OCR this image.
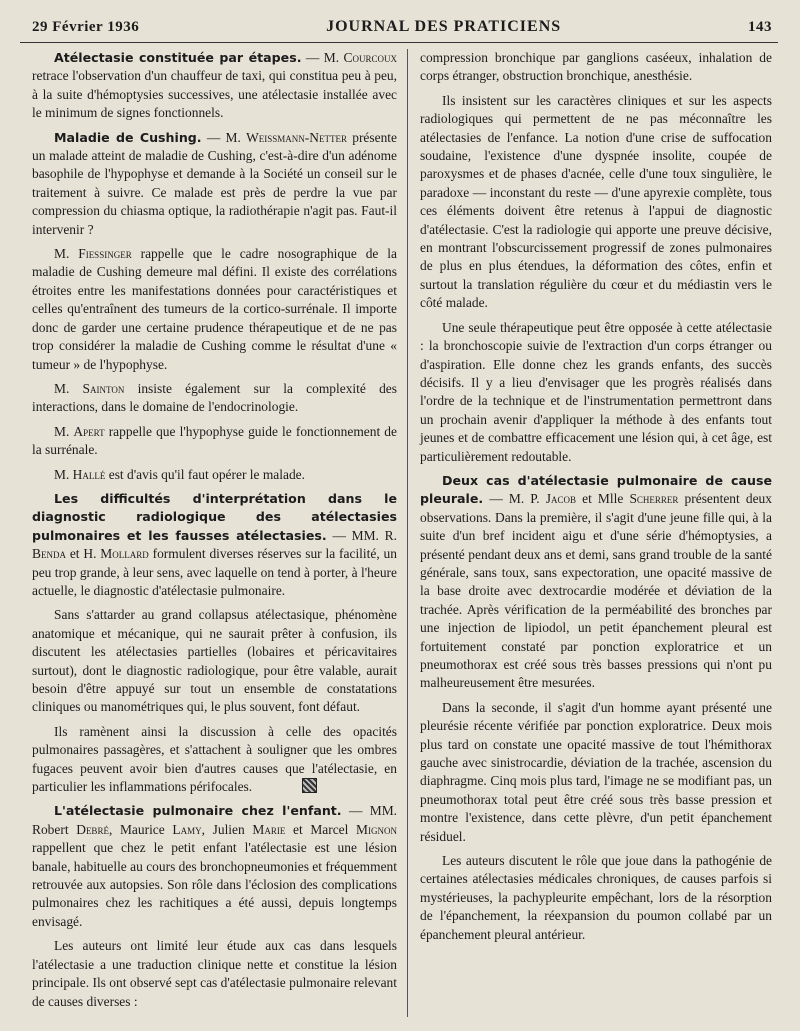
29 Février 1936	JOURNAL DES PRATICIENS	143

Atélectasie constituée par étapes. — M. Courcoux retrace l'observation d'un chauffeur de taxi, qui constitua peu à peu, à la suite d'hémoptysies successives, une atélectasie installée avec le minimum de signes fonctionnels.

Maladie de Cushing. — M. Weissmann-Netter présente un malade atteint de maladie de Cushing, c'est-à-dire d'un adénome basophile de l'hypophyse et demande à la Société un conseil sur le traitement à suivre. Ce malade est près de perdre la vue par compression du chiasma optique, la radiothérapie n'agit pas. Faut-il intervenir ?

M. Fiessinger rappelle que le cadre nosographique de la maladie de Cushing demeure mal défini. Il existe des corrélations étroites entre les manifestations données pour caractéristiques et celles qu'entraînent des tumeurs de la cortico-surrénale. Il importe donc de garder une certaine prudence thérapeutique et de ne pas trop considérer la maladie de Cushing comme le résultat d'une « tumeur » de l'hypophyse.

M. Sainton insiste également sur la complexité des interactions, dans le domaine de l'endocrinologie.

M. Apert rappelle que l'hypophyse guide le fonctionnement de la surrénale.

M. Hallé est d'avis qu'il faut opérer le malade.

Les difficultés d'interprétation dans le diagnostic radiologique des atélectasies pulmonaires et les fausses atélectasies. — MM. R. Benda et H. Mollard formulent diverses réserves sur la facilité, un peu trop grande, à leur sens, avec laquelle on tend à porter, à l'heure actuelle, le diagnostic d'atélectasie pulmonaire.

Sans s'attarder au grand collapsus atélectasique, phénomène anatomique et mécanique, qui ne saurait prêter à confusion, ils discutent les atélectasies partielles (lobaires et péricavitaires surtout), dont le diagnostic radiologique, pour être valable, aurait besoin d'être appuyé sur tout un ensemble de constatations cliniques ou manométriques qui, le plus souvent, font défaut.

Ils ramènent ainsi la discussion à celle des opacités pulmonaires passagères, et s'attachent à souligner que les ombres fugaces peuvent avoir bien d'autres causes que l'atélectasie, en particulier les inflammations périfocales.

L'atélectasie pulmonaire chez l'enfant. — MM. Robert Debré, Maurice Lamy, Julien Marie et Marcel Mignon rappellent que chez le petit enfant l'atélectasie est une lésion banale, habituelle au cours des bronchopneumonies et fréquemment retrouvée aux autopsies. Son rôle dans l'éclosion des complications pulmonaires chez les rachitiques a été aussi, depuis longtemps envisagé.

Les auteurs ont limité leur étude aux cas dans lesquels l'atélectasie a une traduction clinique nette et constitue la lésion principale. Ils ont observé sept cas d'atélectasie pulmonaire relevant de causes diverses :

compression bronchique par ganglions caséeux, inhalation de corps étranger, obstruction bronchique, anesthésie.

Ils insistent sur les caractères cliniques et sur les aspects radiologiques qui permettent de ne pas méconnaître les atélectasies de l'enfance. La notion d'une crise de suffocation soudaine, l'existence d'une dyspnée insolite, coupée de paroxysmes et de phases d'acnée, celle d'une toux singulière, le paradoxe — inconstant du reste — d'une apyrexie complète, tous ces éléments doivent être retenus à l'appui de diagnostic d'atélectasie. C'est la radiologie qui apporte une preuve décisive, en montrant l'obscurcissement progressif de zones pulmonaires de plus en plus étendues, la déformation des côtes, enfin et surtout la translation régulière du cœur et du médiastin vers le côté malade.

Une seule thérapeutique peut être opposée à cette atélectasie : la bronchoscopie suivie de l'extraction d'un corps étranger ou d'aspiration. Elle donne chez les grands enfants, des succès décisifs. Il y a lieu d'envisager que les progrès réalisés dans l'ordre de la technique et de l'instrumentation permettront dans un prochain avenir d'appliquer la méthode à des enfants tout jeunes et de combattre efficacement une lésion qui, à cet âge, est particulièrement redoutable.

Deux cas d'atélectasie pulmonaire de cause pleurale. — M. P. Jacob et Mlle Scherrer présentent deux observations. Dans la première, il s'agit d'une jeune fille qui, à la suite d'un bref incident aigu et d'une série d'hémoptysies, a présenté pendant deux ans et demi, sans grand trouble de la santé générale, sans toux, sans expectoration, une opacité massive de la base droite avec dextrocardie modérée et déviation de la trachée. Après vérification de la perméabilité des bronches par une injection de lipiodol, un petit épanchement pleural est fortuitement constaté par ponction exploratrice et un pneumothorax est créé sous très basses pressions qui n'ont pu malheureusement être mesurées.

Dans la seconde, il s'agit d'un homme ayant présenté une pleurésie récente vérifiée par ponction exploratrice. Deux mois plus tard on constate une opacité massive de tout l'hémithorax gauche avec sinistrocardie, déviation de la trachée, ascension du diaphragme. Cinq mois plus tard, l'image ne se modifiant pas, un pneumothorax total peut être créé sous très basse pression et montre l'existence, dans cette plèvre, d'un petit épanchement résiduel.

Les auteurs discutent le rôle que joue dans la pathogénie de certaines atélectasies médicales chroniques, de causes parfois si mystérieuses, la pachypleurite empêchant, lors de la résorption de l'épanchement, la réexpansion du poumon collabé par un épanchement pleural antérieur.
